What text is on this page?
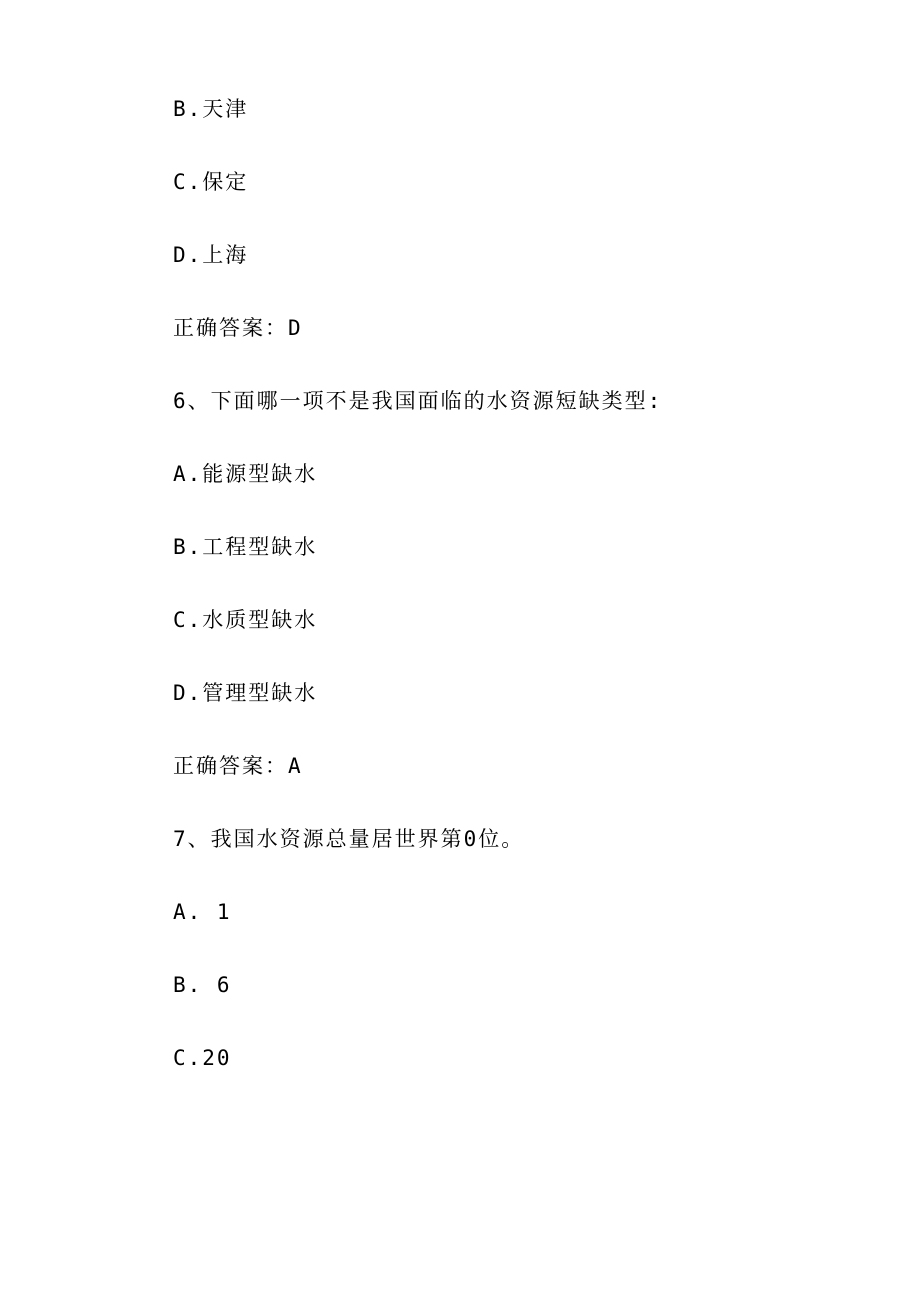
B.天津
C.保定
D.上海
正确答案：D
6、下面哪一项不是我国面临的水资源短缺类型:
A.能源型缺水
B.工程型缺水
C.水质型缺水
D.管理型缺水
正确答案：A
7、我国水资源总量居世界第0位。
A. 1
B. 6
C.20
